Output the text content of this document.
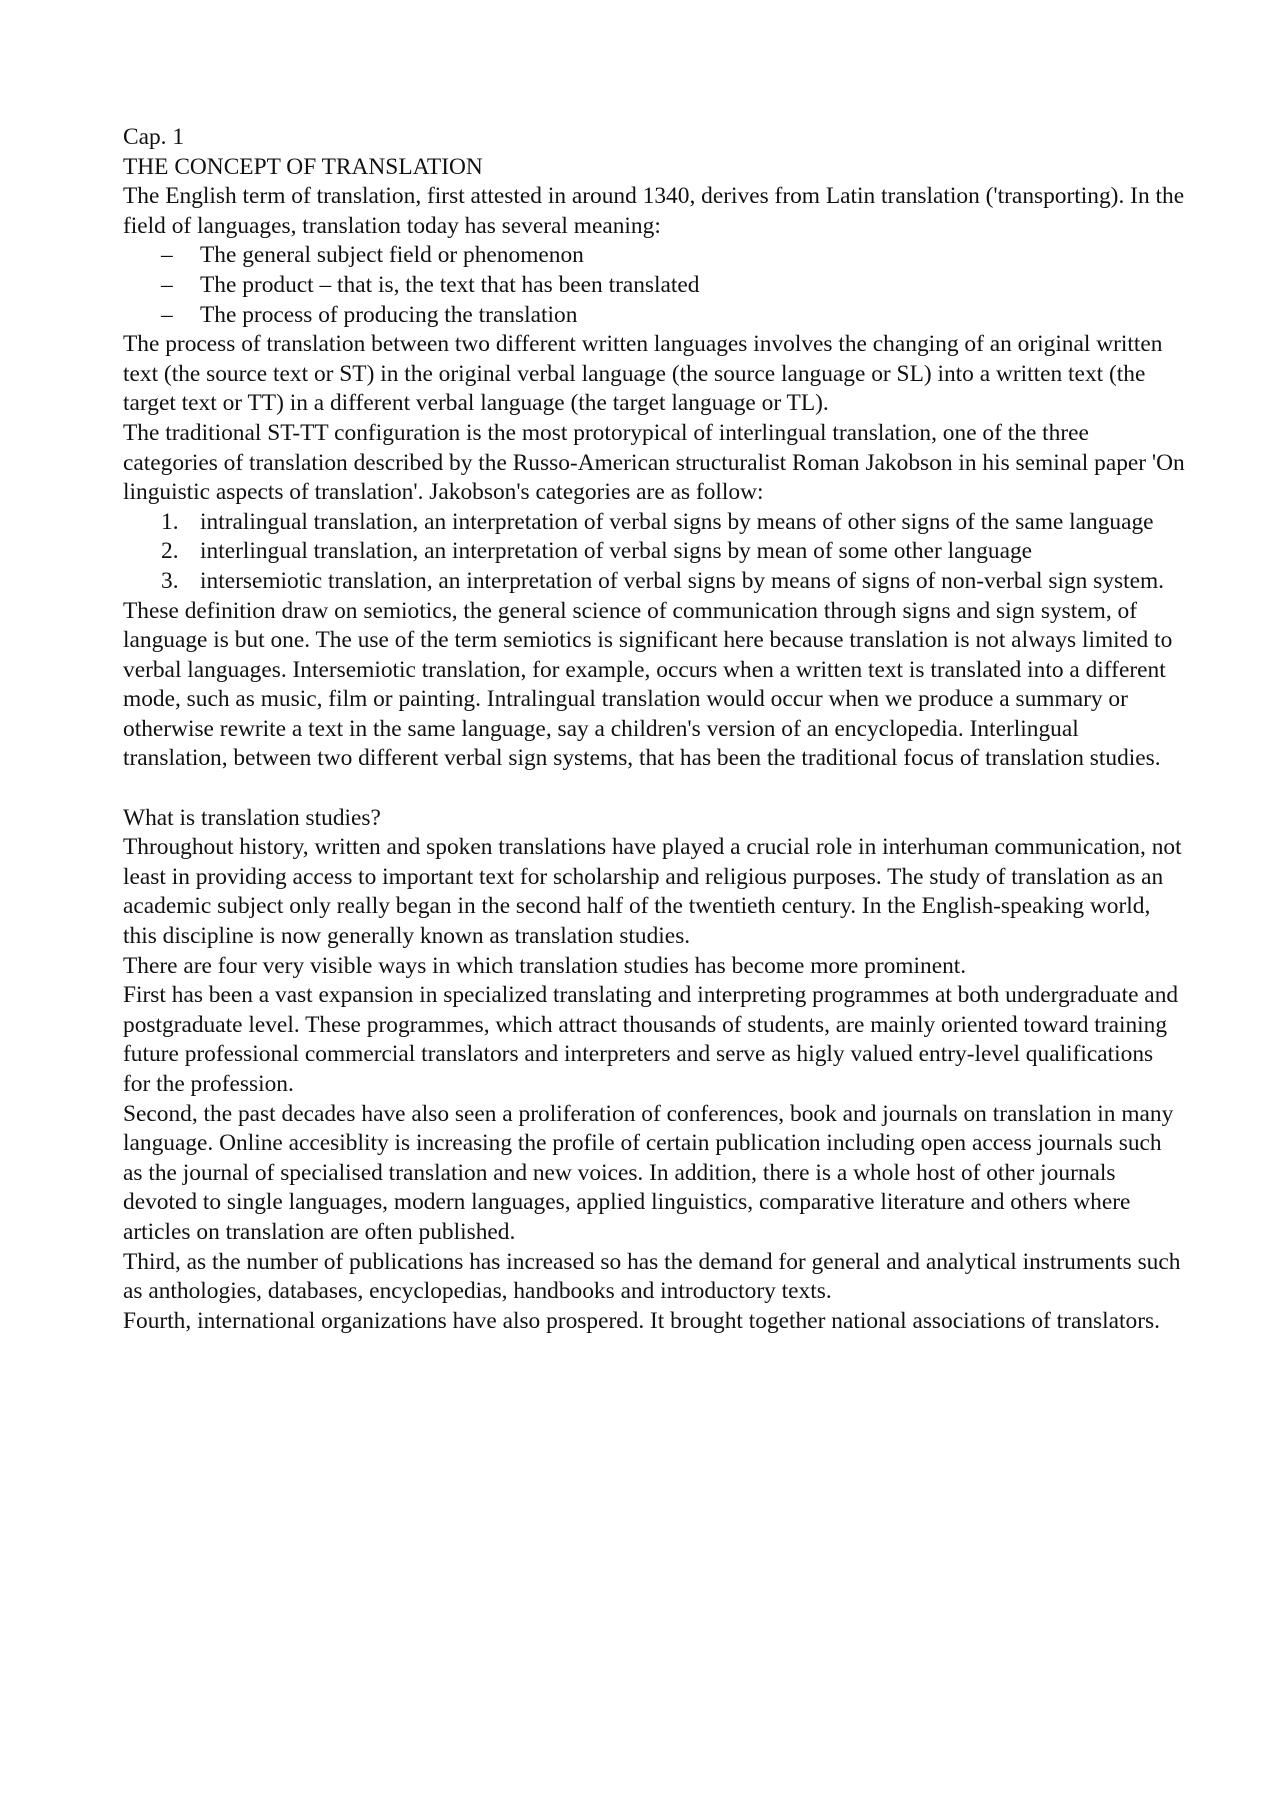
Cap. 1

THE CONCEPT OF TRANSLATION

The English term of translation, first attested in around 1340, derives from Latin translation ('transporting). In the field of languages, translation today has several meaning:

– The general subject field or phenomenon
– The product – that is, the text that has been translated
– The process of producing the translation

The process of translation between two different written languages involves the changing of an original written text (the source text or ST) in the original verbal language (the source language or SL) into a written text (the target text or TT) in a different verbal language (the target language or TL).

The traditional ST-TT configuration is the most protorypical of interlingual translation, one of the three categories of translation described by the Russo-American structuralist Roman Jakobson in his seminal paper 'On linguistic aspects of translation'. Jakobson's categories are as follow:

1. intralingual translation, an interpretation of verbal signs by means of other signs of the same language
2. interlingual translation, an interpretation of verbal signs by mean of some other language
3. intersemiotic translation, an interpretation of verbal signs by means of signs of non-verbal sign system.

These definition draw on semiotics, the general science of communication through signs and sign system, of language is but one. The use of the term semiotics is significant here because translation is not always limited to verbal languages. Intersemiotic translation, for example, occurs when a written text is translated into a different mode, such as music, film or painting. Intralingual translation would occur when we produce a summary or otherwise rewrite a text in the same language, say a children's version of an encyclopedia. Interlingual translation, between two different verbal sign systems, that has been the traditional focus of translation studies.

What is translation studies?

Throughout history, written and spoken translations have played a crucial role in interhuman communication, not least in providing access to important text for scholarship and religious purposes. The study of translation as an academic subject only really began in the second half of the twentieth century. In the English-speaking world, this discipline is now generally known as translation studies.

There are four very visible ways in which translation studies has become more prominent.

First has been a vast expansion in specialized translating and interpreting programmes at both undergraduate and postgraduate level. These programmes, which attract thousands of students, are mainly oriented toward training future professional commercial translators and interpreters and serve as higly valued entry-level qualifications for the profession.

Second, the past decades have also seen a proliferation of conferences, book and journals on translation in many language. Online accesiblity is increasing the profile of certain publication including open access journals such as the journal of specialised translation and new voices. In addition, there is a whole host of other journals devoted to single languages, modern languages, applied linguistics, comparative literature and others where articles on translation are often published.

Third, as the number of publications has increased so has the demand for general and analytical instruments such as anthologies, databases, encyclopedias, handbooks and introductory texts.

Fourth, international organizations have also prospered. It brought together national associations of translators.
